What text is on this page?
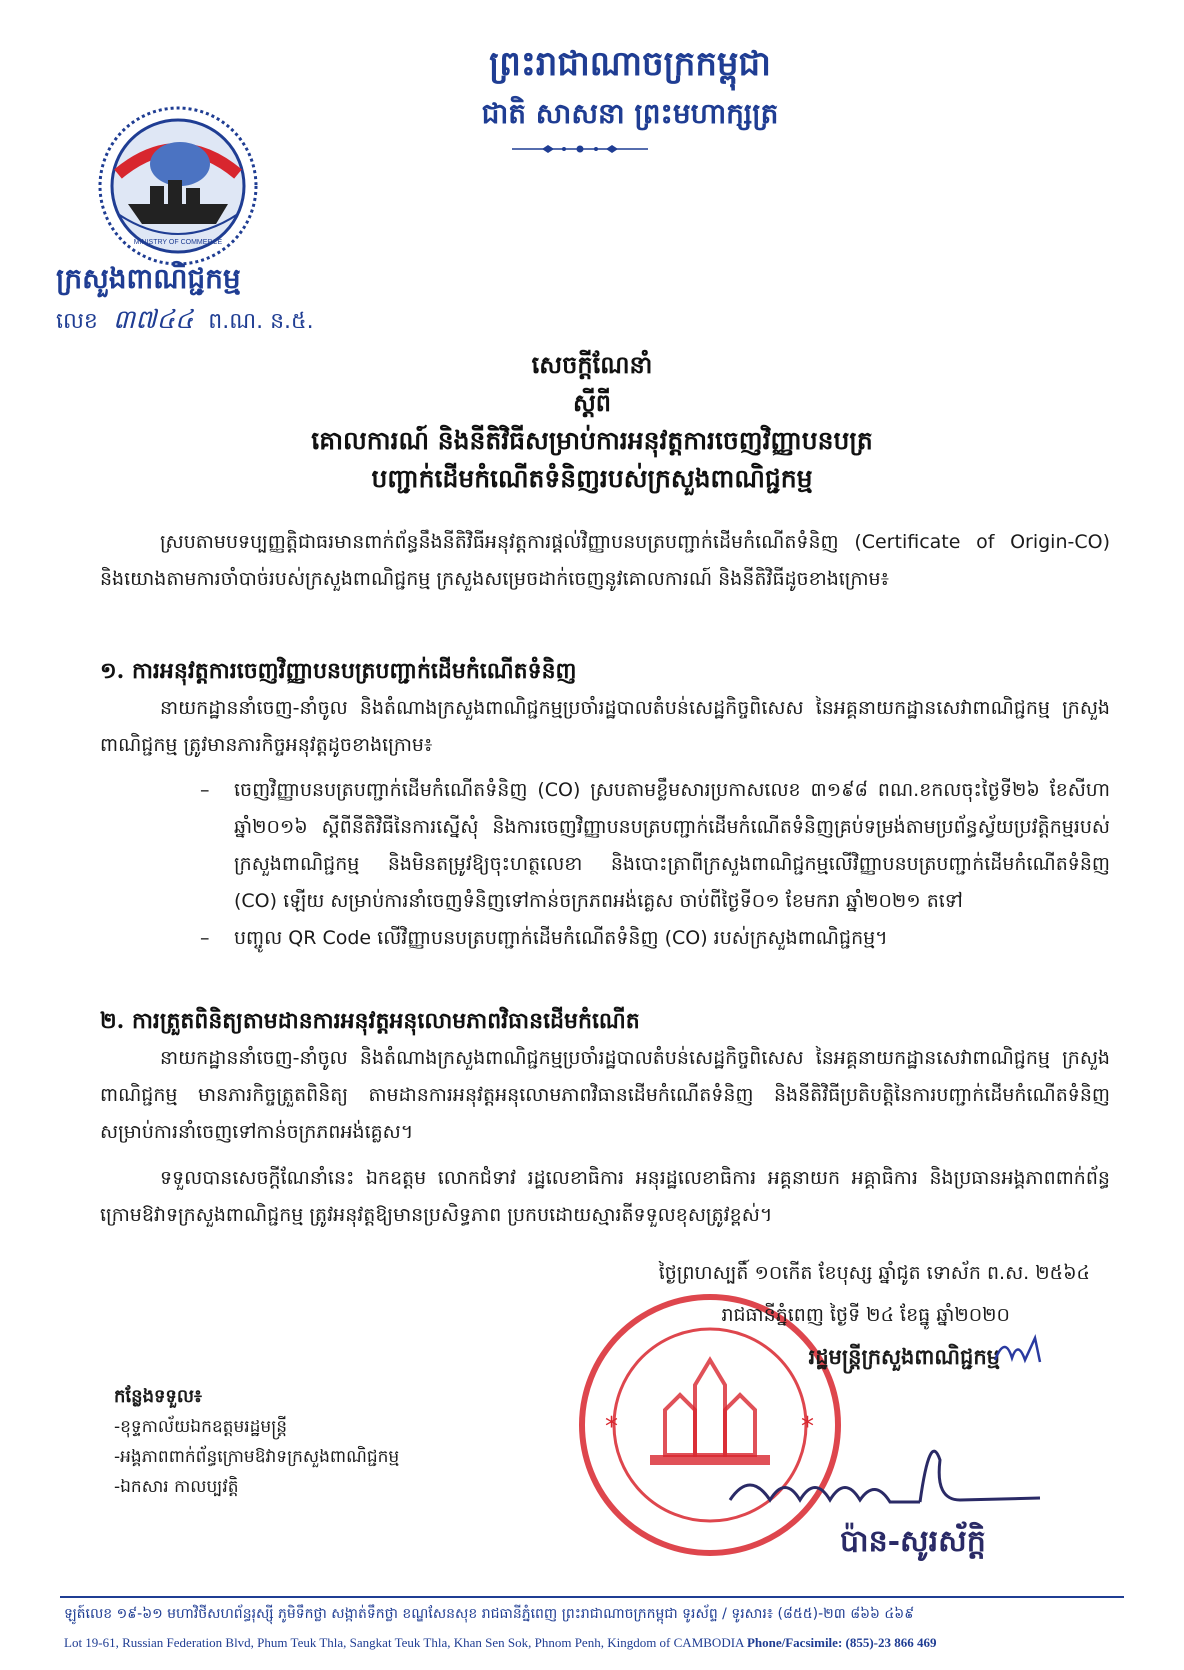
ព្រះរាជាណាចក្រកម្ពុជា
ជាតិ សាសនា ព្រះមហាក្សត្រ
MINISTRY OF COMMERCE
ក្រសួងពាណិជ្ជកម្ម
លេខ ៣៧៤៤ ព.ណ. ន.៥.
សេចក្តីណែនាំ
ស្តីពី
គោលការណ៍ និងនីតិវិធីសម្រាប់ការអនុវត្តការចេញវិញ្ញាបនបត្រ
បញ្ជាក់ដើមកំណើតទំនិញរបស់ក្រសួងពាណិជ្ជកម្ម
ស្របតាមបទប្បញ្ញត្តិជាធរមានពាក់ព័ន្ធនឹងនីតិវិធីអនុវត្តការផ្តល់វិញ្ញាបនបត្របញ្ជាក់ដើមកំណើតទំនិញ (Certificate of Origin-CO) និងយោងតាមការចាំបាច់របស់ក្រសួងពាណិជ្ជកម្ម ក្រសួងសម្រេចដាក់ចេញនូវគោលការណ៍ និងនីតិវិធីដូចខាងក្រោម៖
១. ការអនុវត្តការចេញវិញ្ញាបនបត្របញ្ជាក់ដើមកំណើតទំនិញ
នាយកដ្ឋាននាំចេញ-នាំចូល និងតំណាងក្រសួងពាណិជ្ជកម្មប្រចាំរដ្ឋបាលតំបន់សេដ្ឋកិច្ចពិសេស នៃអគ្គនាយកដ្ឋានសេវាពាណិជ្ជកម្ម ក្រសួងពាណិជ្ជកម្ម ត្រូវមានភារកិច្ចអនុវត្តដូចខាងក្រោម៖
– ចេញវិញ្ញាបនបត្របញ្ជាក់ដើមកំណើតទំនិញ (CO) ស្របតាមខ្លឹមសារប្រកាសលេខ ៣១៩៨ ពណ.ខកលចុះថ្ងៃទី២៦ ខែសីហា ឆ្នាំ២០១៦ ស្តីពីនីតិវិធីនៃការស្នើសុំ និងការចេញវិញ្ញាបនបត្របញ្ជាក់ដើមកំណើតទំនិញគ្រប់ទម្រង់តាមប្រព័ន្ធស្វ័យប្រវត្តិកម្មរបស់ក្រសួងពាណិជ្ជកម្ម និងមិនតម្រូវឱ្យចុះហត្ថលេខា និងបោះត្រាពីក្រសួងពាណិជ្ជកម្មលើវិញ្ញាបនបត្របញ្ជាក់ដើមកំណើតទំនិញ (CO) ឡើយ សម្រាប់ការនាំចេញទំនិញទៅកាន់ចក្រភពអង់គ្លេស ចាប់ពីថ្ងៃទី០១ ខែមករា ឆ្នាំ២០២១ តទៅ
– បញ្ចូល QR Code លើវិញ្ញាបនបត្របញ្ជាក់ដើមកំណើតទំនិញ (CO) របស់ក្រសួងពាណិជ្ជកម្ម។
២. ការត្រួតពិនិត្យតាមដានការអនុវត្តអនុលោមភាពវិធានដើមកំណើត
នាយកដ្ឋាននាំចេញ-នាំចូល និងតំណាងក្រសួងពាណិជ្ជកម្មប្រចាំរដ្ឋបាលតំបន់សេដ្ឋកិច្ចពិសេស នៃអគ្គនាយកដ្ឋានសេវាពាណិជ្ជកម្ម ក្រសួងពាណិជ្ជកម្ម មានភារកិច្ចត្រួតពិនិត្យ តាមដានការអនុវត្តអនុលោមភាពវិធានដើមកំណើតទំនិញ និងនីតិវិធីប្រតិបត្តិនៃការបញ្ជាក់ដើមកំណើតទំនិញ សម្រាប់ការនាំចេញទៅកាន់ចក្រភពអង់គ្លេស។
ទទួលបានសេចក្តីណែនាំនេះ ឯកឧត្តម លោកជំទាវ រដ្ឋលេខាធិការ អនុរដ្ឋលេខាធិការ អគ្គនាយក អគ្គាធិការ និងប្រធានអង្គភាពពាក់ព័ន្ធក្រោមឱវាទក្រសួងពាណិជ្ជកម្ម ត្រូវអនុវត្តឱ្យមានប្រសិទ្ធភាព ប្រកបដោយស្មារតីទទួលខុសត្រូវខ្ពស់។
*	*
ថ្ងៃព្រហស្បតិ៍ ១០កើត ខែបុស្ស ឆ្នាំជូត ទោស័ក ព.ស. ២៥៦៤
រាជធានីភ្នំពេញ ថ្ងៃទី ២៤ ខែធ្នូ ឆ្នាំ២០២០
រដ្ឋមន្ត្រីក្រសួងពាណិជ្ជកម្ម
ប៉ាន-សូរស័ក្តិ
កន្លែងទទួល៖
-ខុទ្ទកាល័យឯកឧត្តមរដ្ឋមន្ត្រី
-អង្គភាពពាក់ព័ន្ធក្រោមឱវាទក្រសួងពាណិជ្ជកម្ម
-ឯកសារ កាលប្បវត្តិ
ឡូត៍លេខ ១៩-៦១ មហាវិថីសហព័ន្ធរុស្ស៊ី ភូមិទឹកថ្លា សង្កាត់ទឹកថ្លា ខណ្ឌសែនសុខ រាជធានីភ្នំពេញ ព្រះរាជាណាចក្រកម្ពុជា ទូរស័ព្ទ / ទូរសារ៖ (៨៥៥)-២៣ ៨៦៦ ៤៦៩
Lot 19-61, Russian Federation Blvd, Phum Teuk Thla, Sangkat Teuk Thla, Khan Sen Sok, Phnom Penh, Kingdom of CAMBODIA Phone/Facsimile: (855)-23 866 469
